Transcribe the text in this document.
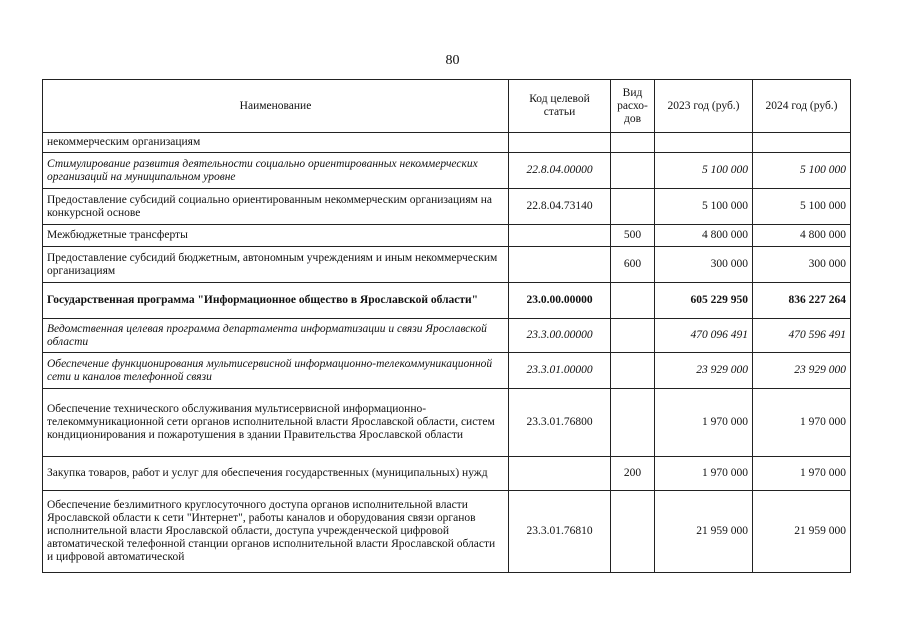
80
Наименование	Код целевой статьи	Вид расхо-дов	2023 год (руб.)	2024 год (руб.)
некоммерческим организациям				
Стимулирование развития деятельности социально ориентированных некоммерческих организаций на муниципальном уровне	22.8.04.00000		5 100 000	5 100 000
Предоставление субсидий социально ориентированным некоммерческим организациям на конкурсной основе	22.8.04.73140		5 100 000	5 100 000
Межбюджетные трансферты		500	4 800 000	4 800 000
Предоставление субсидий бюджетным, автономным учреждениям и иным некоммерческим организациям		600	300 000	300 000
Государственная программа "Информационное общество в Ярославской области"	23.0.00.00000		605 229 950	836 227 264
Ведомственная целевая программа департамента информатизации и связи Ярославской области	23.3.00.00000		470 096 491	470 596 491
Обеспечение функционирования мультисервисной информационно-телекоммуникационной сети и каналов телефонной связи	23.3.01.00000		23 929 000	23 929 000
Обеспечение технического обслуживания мультисервисной информационно-телекоммуникационной сети органов исполнительной власти Ярославской области, систем кондиционирования и пожаротушения в здании Правительства Ярославской области	23.3.01.76800		1 970 000	1 970 000
Закупка товаров, работ и услуг для обеспечения государственных (муниципальных) нужд		200	1 970 000	1 970 000
Обеспечение безлимитного круглосуточного доступа органов исполнительной власти Ярославской области к сети "Интернет", работы каналов и оборудования связи органов исполнительной власти Ярославской области, доступа учрежденческой цифровой автоматической телефонной станции органов исполнительной власти Ярославской области и цифровой автоматической	23.3.01.76810		21 959 000	21 959 000
